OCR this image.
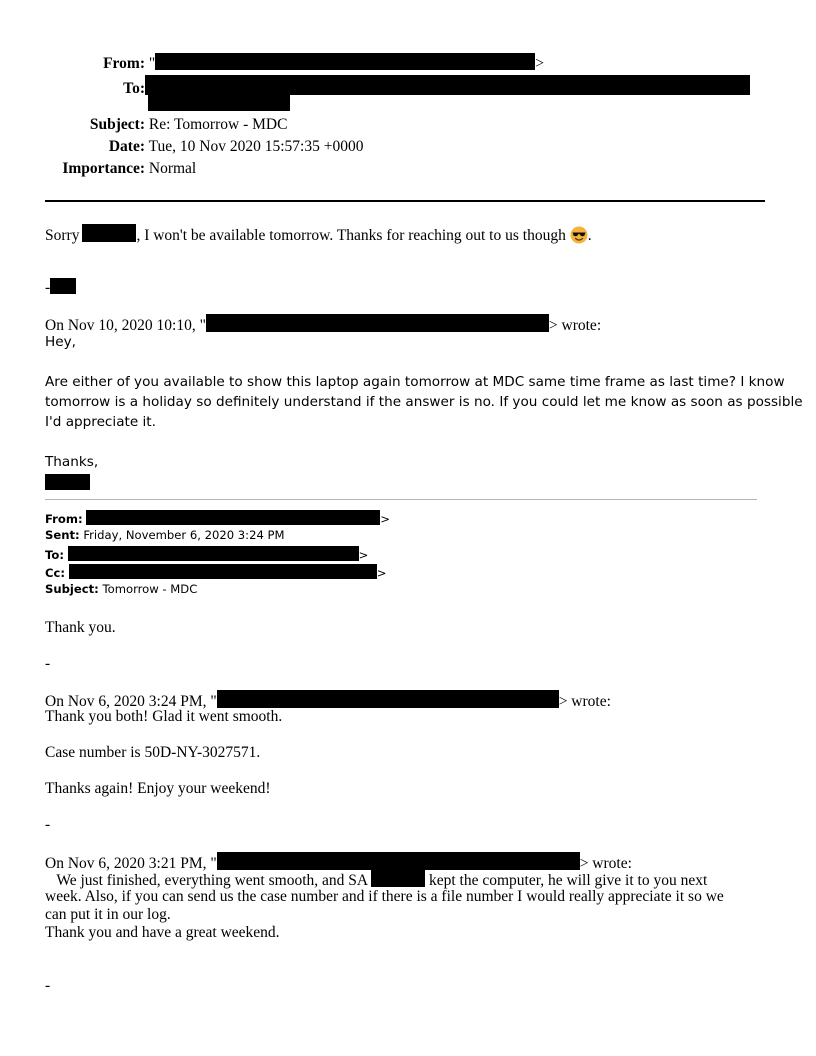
From: "	>
To:
Subject: Re: Tomorrow - MDC
Date: Tue, 10 Nov 2020 15:57:35 +0000
Importance: Normal
Sorry	, I won't be available tomorrow. Thanks for reaching out to us though .
-
On Nov 10, 2020 10:10, "	> wrote:
Hey,
Are either of you available to show this laptop again tomorrow at MDC same time frame as last time? I know
tomorrow is a holiday so definitely understand if the answer is no. If you could let me know as soon as possible
I'd appreciate it.
Thanks,
From:	>
Sent: Friday, November 6, 2020 3:24 PM
To:	>
Cc:	>
Subject: Tomorrow - MDC
Thank you.
-
On Nov 6, 2020 3:24 PM, "	> wrote:
Thank you both! Glad it went smooth.
Case number is 50D-NY-3027571.
Thanks again! Enjoy your weekend!
-
On Nov 6, 2020 3:21 PM, "	> wrote:
We just finished, everything went smooth, and SA	kept the computer, he will give it to you next
week. Also, if you can send us the case number and if there is a file number I would really appreciate it so we
can put it in our log.
Thank you and have a great weekend.
-
